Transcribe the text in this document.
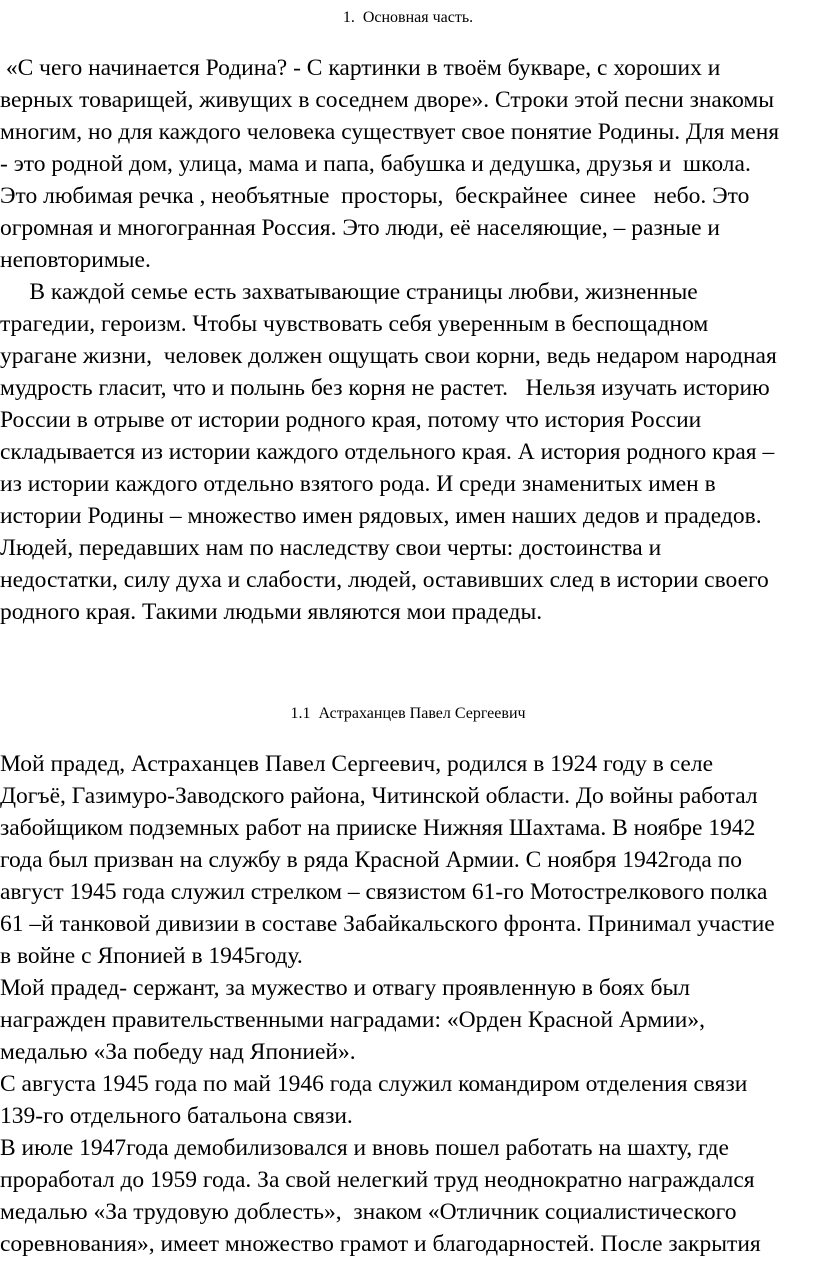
1.  Основная часть.
«С чего начинается Родина? - С картинки в твоём букваре, с хороших и
верных товарищей, живущих в соседнем дворе». Строки этой песни знакомы
многим, но для каждого человека существует свое понятие Родины. Для меня
- это родной дом, улица, мама и папа, бабушка и дедушка, друзья и  школа.
Это любимая речка , необъятные  просторы,  бескрайнее  синее   небо. Это
огромная и многогранная Россия. Это люди, её населяющие, – разные и
неповторимые.
В каждой семье есть захватывающие страницы любви, жизненные
трагедии, героизм. Чтобы чувствовать себя уверенным в беспощадном
урагане жизни,  человек должен ощущать свои корни, ведь недаром народная
мудрость гласит, что и полынь без корня не растет.   Нельзя изучать историю
России в отрыве от истории родного края, потому что история России
складывается из истории каждого отдельного края. А история родного края –
из истории каждого отдельно взятого рода. И среди знаменитых имен в
истории Родины – множество имен рядовых, имен наших дедов и прадедов.
Людей, передавших нам по наследству свои черты: достоинства и
недостатки, силу духа и слабости, людей, оставивших след в истории своего
родного края. Такими людьми являются мои прадеды.
1.1  Астраханцев Павел Сергеевич
Мой прадед, Астраханцев Павел Сергеевич, родился в 1924 году в селе
Догъё, Газимуро-Заводского района, Читинской области. До войны работал
забойщиком подземных работ на прииске Нижняя Шахтама. В ноябре 1942
года был призван на службу в ряда Красной Армии. С ноября 1942года по
август 1945 года служил стрелком – связистом 61-го Мотострелкового полка
61 –й танковой дивизии в составе Забайкальского фронта. Принимал участие
в войне с Японией в 1945году.
Мой прадед- сержант, за мужество и отвагу проявленную в боях был
награжден правительственными наградами: «Орден Красной Армии»,
медалью «За победу над Японией».
С августа 1945 года по май 1946 года служил командиром отделения связи
139-го отдельного батальона связи.
В июле 1947года демобилизовался и вновь пошел работать на шахту, где
проработал до 1959 года. За свой нелегкий труд неоднократно награждался
медалью «За трудовую доблесть»,  знаком «Отличник социалистического
соревнования», имеет множество грамот и благодарностей. После закрытия
